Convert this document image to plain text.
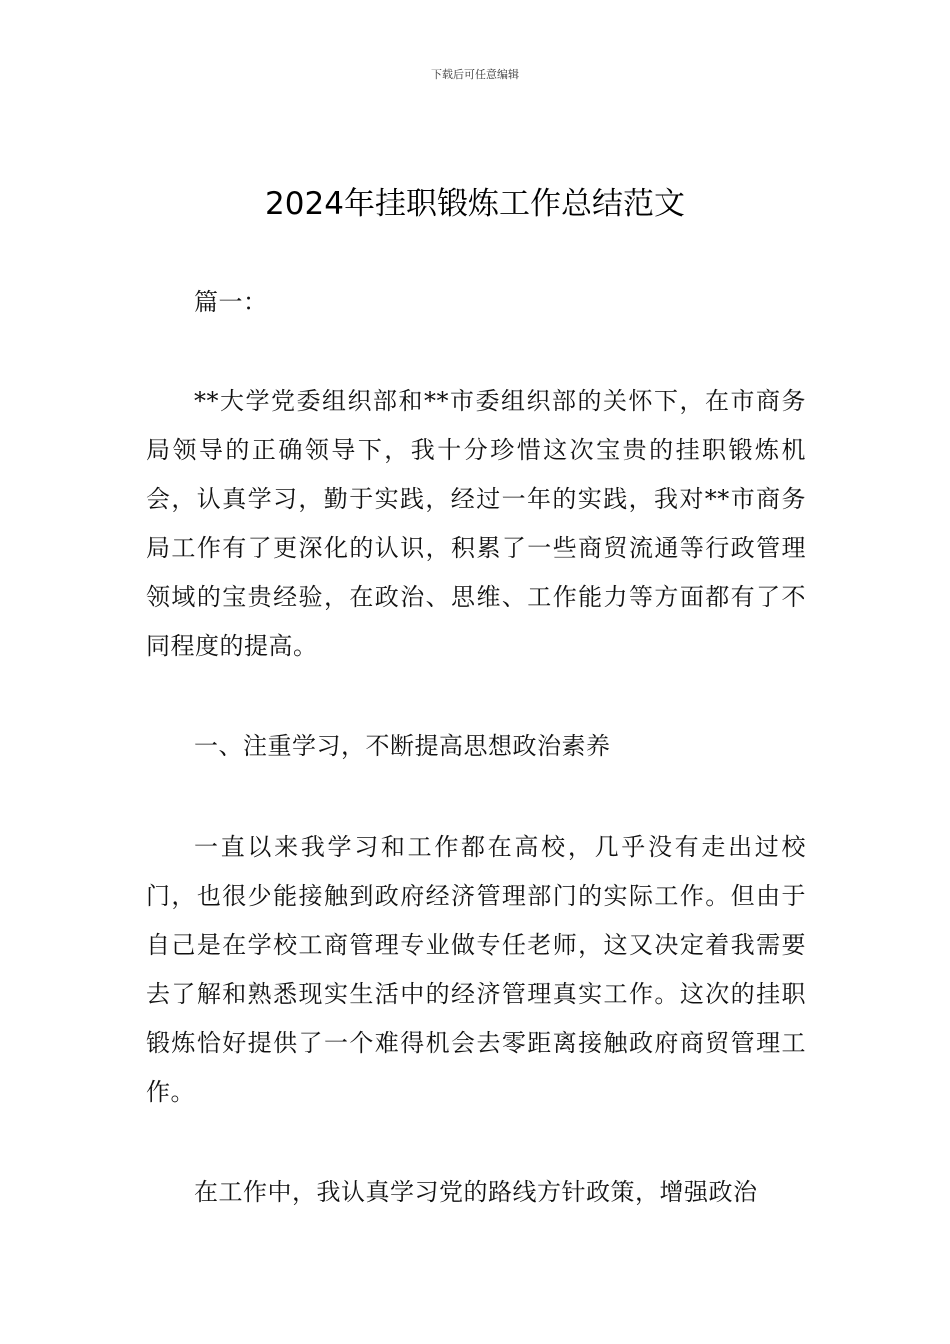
下载后可任意编辑
2024年挂职锻炼工作总结范文

篇一：

**大学党委组织部和**市委组织部的关怀下，在市商务局领导的正确领导下，我十分珍惜这次宝贵的挂职锻炼机会，认真学习，勤于实践，经过一年的实践，我对**市商务局工作有了更深化的认识，积累了一些商贸流通等行政管理领域的宝贵经验，在政治、思维、工作能力等方面都有了不同程度的提高。

一、注重学习，不断提高思想政治素养

一直以来我学习和工作都在高校，几乎没有走出过校门，也很少能接触到政府经济管理部门的实际工作。但由于自己是在学校工商管理专业做专任老师，这又决定着我需要去了解和熟悉现实生活中的经济管理真实工作。这次的挂职锻炼恰好提供了一个难得机会去零距离接触政府商贸管理工作。

在工作中，我认真学习党的路线方针政策，增强政治
